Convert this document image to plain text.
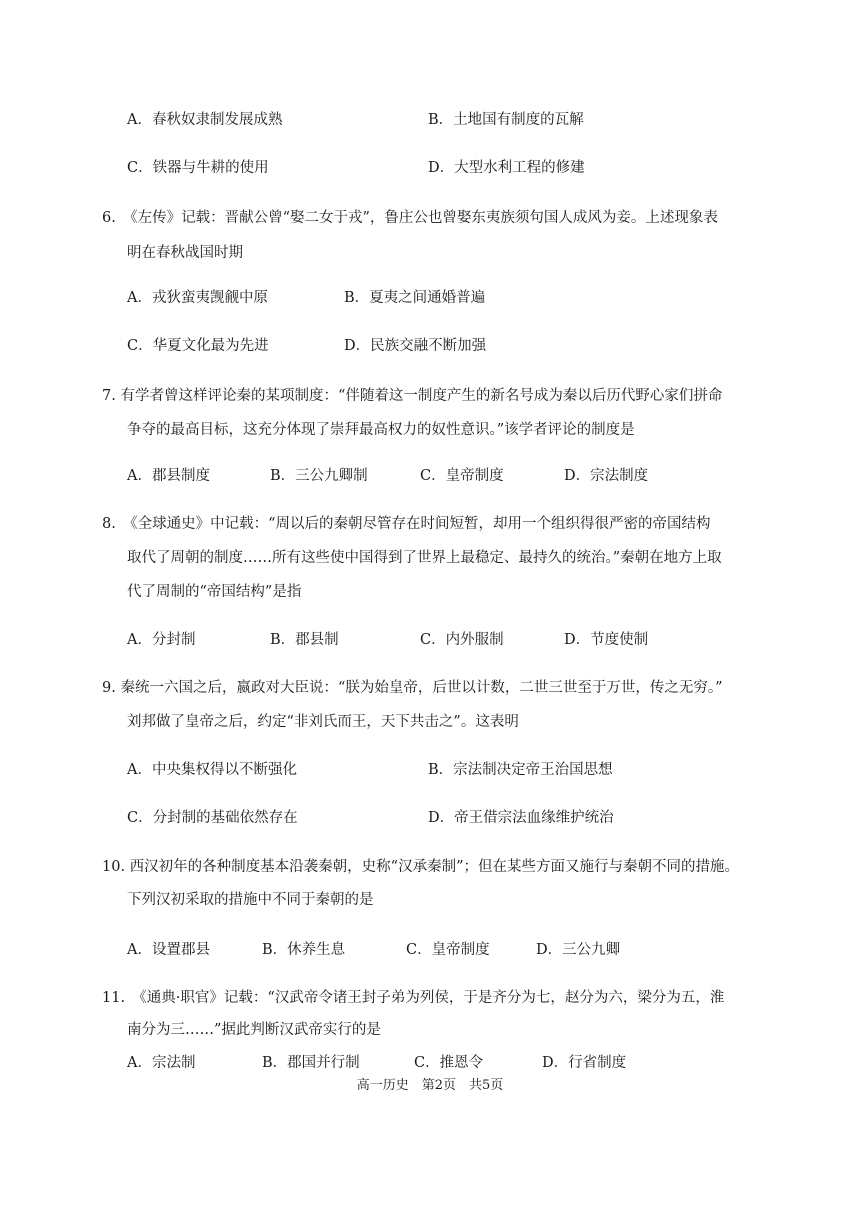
A．春秋奴隶制发展成熟	B．土地国有制度的瓦解
C．铁器与牛耕的使用	D．大型水利工程的修建
6.　《左传》记载：晋献公曾“娶二女于戎”，鲁庄公也曾娶东夷族须句国人成风为妾。上述现象表
明在春秋战国时期
A．戎狄蛮夷觊觎中原	B．夏夷之间通婚普遍
C．华夏文化最为先进	D．民族交融不断加强
7. 有学者曾这样评论秦的某项制度：“伴随着这一制度产生的新名号成为秦以后历代野心家们拼命
争夺的最高目标，这充分体现了崇拜最高权力的奴性意识。”该学者评论的制度是
A．郡县制度	B．三公九卿制	C．皇帝制度	D．宗法制度
8.　《全球通史》中记载：“周以后的秦朝尽管存在时间短暂，却用一个组织得很严密的帝国结构
取代了周朝的制度……所有这些使中国得到了世界上最稳定、最持久的统治。”秦朝在地方上取
代了周制的“帝国结构”是指
A．分封制	B．郡县制	C．内外服制	D．节度使制
9. 秦统一六国之后，嬴政对大臣说：“朕为始皇帝，后世以计数，二世三世至于万世，传之无穷。”
刘邦做了皇帝之后，约定“非刘氏而王，天下共击之”。这表明
A．中央集权得以不断强化	B．宗法制决定帝王治国思想
C．分封制的基础依然存在	D．帝王借宗法血缘维护统治
10. 西汉初年的各种制度基本沿袭秦朝，史称“汉承秦制”；但在某些方面又施行与秦朝不同的措施。
下列汉初采取的措施中不同于秦朝的是
A．设置郡县	B．休养生息	C．皇帝制度	D．三公九卿
11.　《通典·职官》记载：“汉武帝令诸王封子弟为列侯，于是齐分为七，赵分为六，梁分为五，淮
南分为三……”据此判断汉武帝实行的是
A．宗法制	B．郡国并行制	C．推恩令	D．行省制度
高一历史　第2页　共5页
